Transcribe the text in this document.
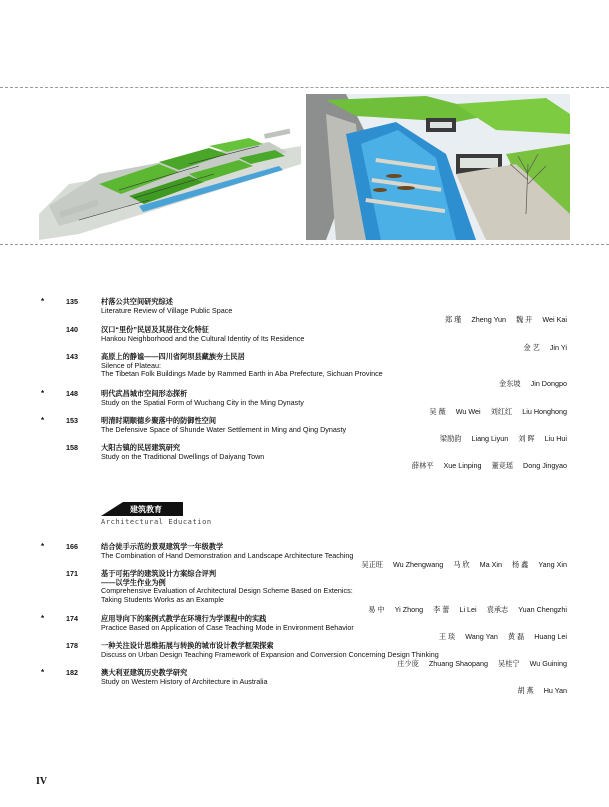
*	135	村落公共空间研究综述
Literature Review of Village Public Space
郑 瑾 Zheng Yun 魏 开 Wei Kai
140	汉口“里份”民居及其居住文化特征
Hankou Neighborhood and the Cultural Identity of Its Residence
金 艺 Jin Yi
143	高原上的静谧——四川省阿坝县藏族夯土民居
Silence of Plateau:
The Tibetan Folk Buildings Made by Rammed Earth in Aba Prefecture, Sichuan Province
金东坡 Jin Dongpo
*	148	明代武昌城市空间形态探析
Study on the Spatial Form of Wuchang City in the Ming Dynasty
吴 薇 Wu Wei 刘红红 Liu Honghong
*	153	明清时期顺德乡聚落中的防御性空间
The Defensive Space of Shunde Water Settlement in Ming and Qing Dynasty
梁励韵 Liang Liyun 刘 晖 Liu Hui
158	大阳古镇的民居建筑研究
Study on the Traditional Dwellings of Daiyang Town
薛林平 Xue Linping 董竞瑶 Dong Jingyao
建筑教育
Architectural Education
*	166	结合徒手示范的景观建筑学一年级教学
The Combination of Hand Demonstration and Landscape Architecture Teaching
吴正旺 Wu Zhengwang 马 欣 Ma Xin 杨 鑫 Yang Xin
171	基于可拓学的建筑设计方案综合评判
——以学生作业为例
Comprehensive Evaluation of Architectural Design Scheme Based on Extenics:
Taking Students Works as an Example
易 中 Yi Zhong 李 蕾 Li Lei 袁承志 Yuan Chengzhi
*	174	应用导向下的案例式教学在环境行为学课程中的实践
Practice Based on Application of Case Teaching Mode in Environment Behavior
王 琰 Wang Yan 黄 磊 Huang Lei
178	一种关注设计思维拓展与转换的城市设计教学框架探索
Discuss on Urban Design Teaching Framework of Expansion and Conversion Concerning Design Thinking
庄少庞 Zhuang Shaopang 吴桂宁 Wu Guining
*	182	澳大利亚建筑历史教学研究
Study on Western History of Architecture in Australia
胡 燕 Hu Yan
IV
